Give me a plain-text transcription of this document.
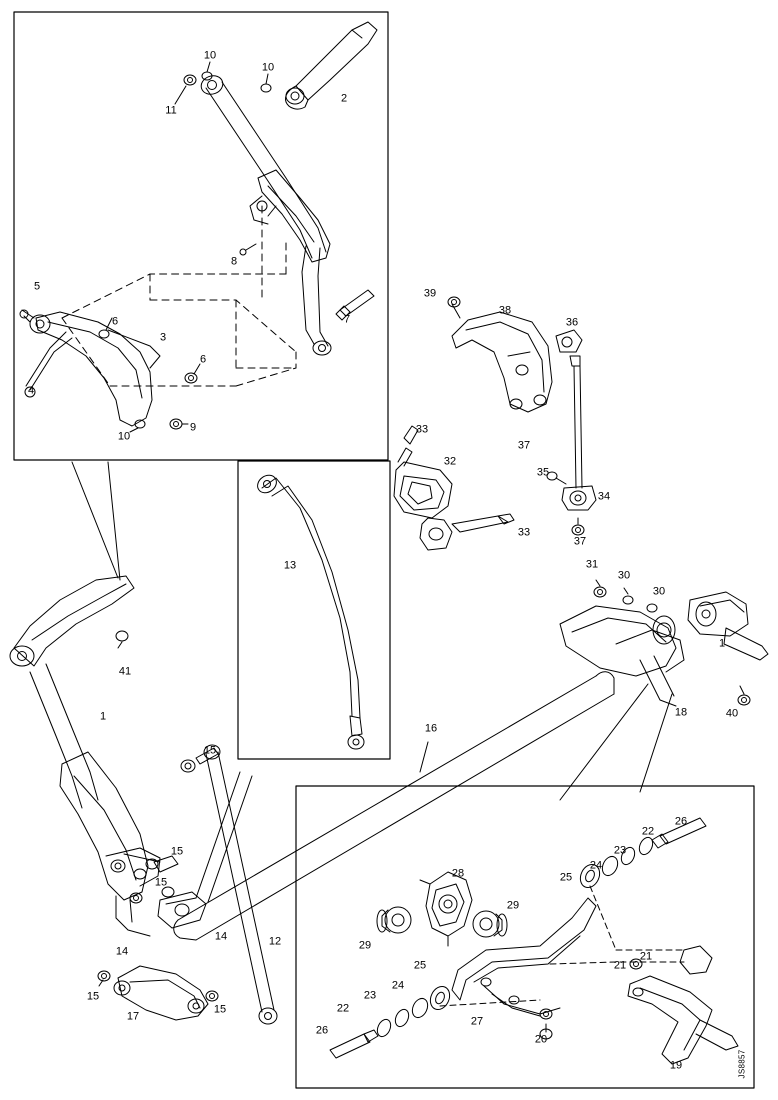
10
10
2
11
8
7
5
6
3
6
4
10
9
39
38
36
37
35
34
37
33
32
33
31
30
30
1
18	40
13
41
1
16
15
15
15
14
14	12
15
15
17
26
22
23
24
25
28
29
29
21
21
25
24
23
22
26
27
20
19	JS8857
